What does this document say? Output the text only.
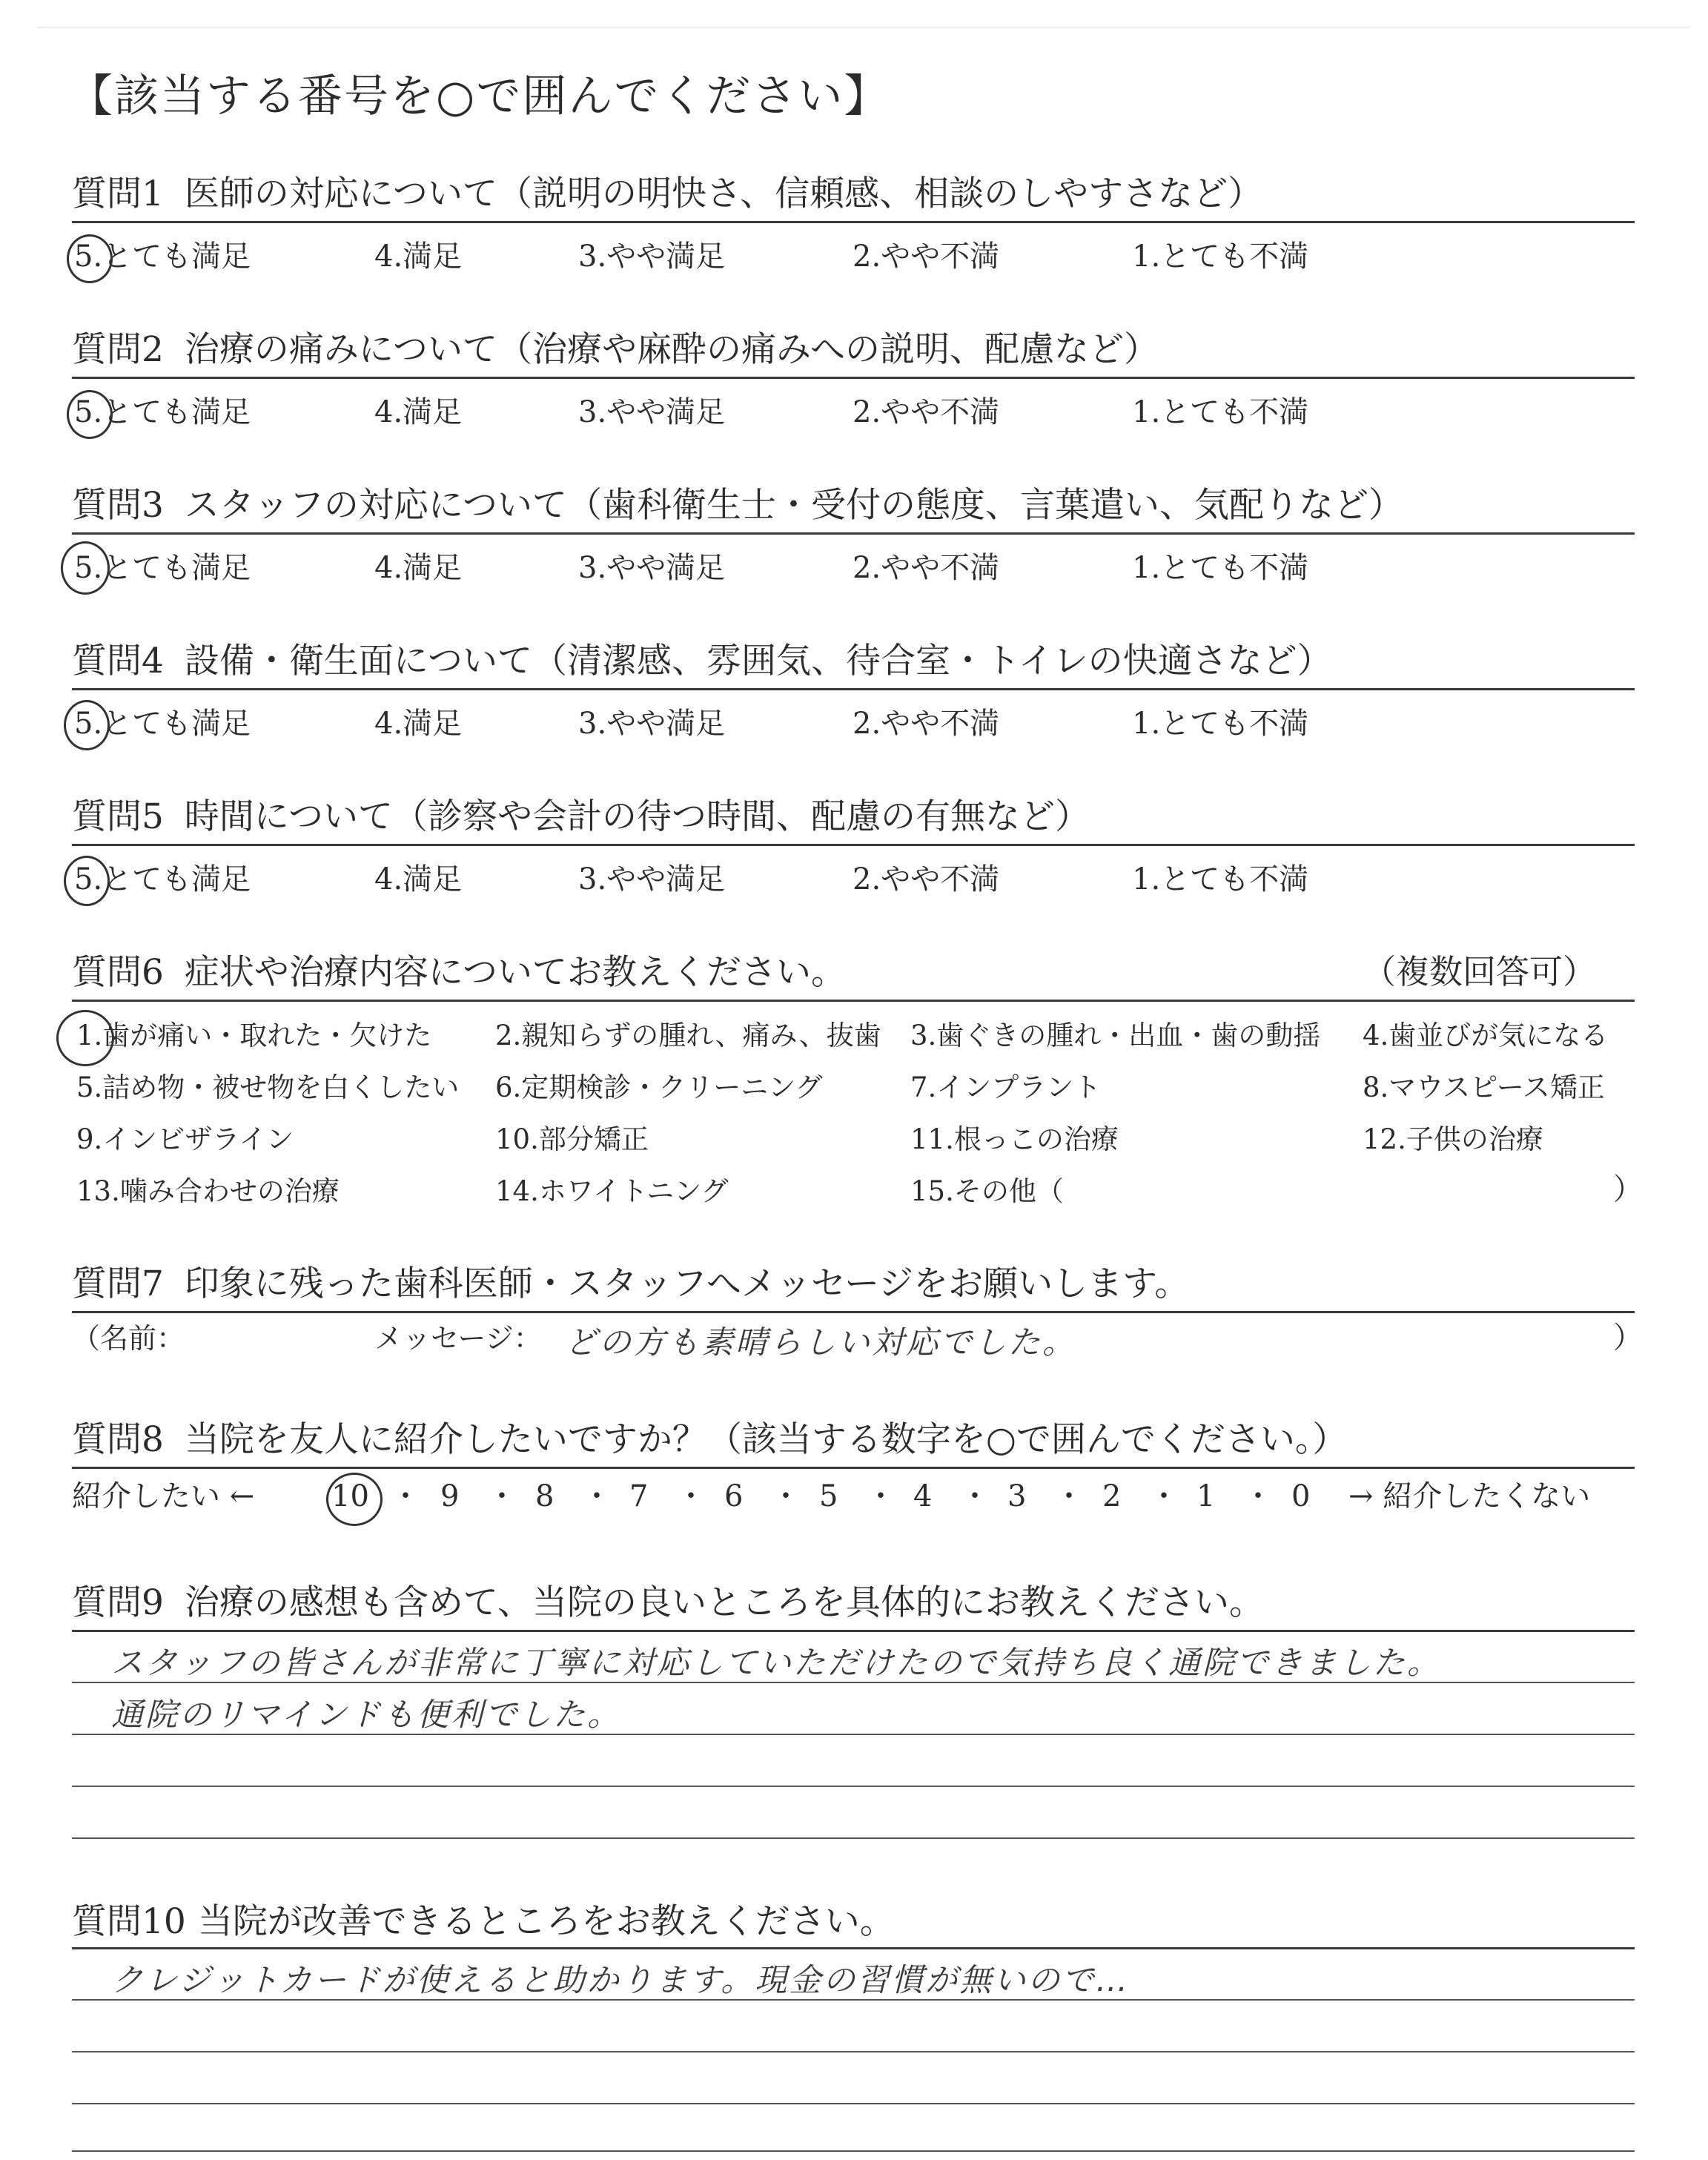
【該当する番号を○で囲んでください】
質問1 医師の対応について（説明の明快さ、信頼感、相談のしやすさなど）
5.とても満足	4.満足	3.やや満足	2.やや不満	1.とても不満
質問2 治療の痛みについて（治療や麻酔の痛みへの説明、配慮など）
5.とても満足	4.満足	3.やや満足	2.やや不満	1.とても不満
質問3 スタッフの対応について（歯科衛生士・受付の態度、言葉遣い、気配りなど）
5.とても満足	4.満足	3.やや満足	2.やや不満	1.とても不満
質問4 設備・衛生面について（清潔感、雰囲気、待合室・トイレの快適さなど）
5.とても満足	4.満足	3.やや満足	2.やや不満	1.とても不満
質問5 時間について（診察や会計の待つ時間、配慮の有無など）
5.とても満足	4.満足	3.やや満足	2.やや不満	1.とても不満
質問6 症状や治療内容についてお教えください。	（複数回答可）
1.歯が痛い・取れた・欠けた 2.親知らずの腫れ、痛み、抜歯 3.歯ぐきの腫れ・出血・歯の動揺 4.歯並びが気になる
5.詰め物・被せ物を白くしたい 6.定期検診・クリーニング	7.インプラント	8.マウスピース矯正
9.インビザライン	10.部分矯正	11.根っこの治療	12.子供の治療
13.噛み合わせの治療	14.ホワイトニング	15.その他（	）
質問7 印象に残った歯科医師・スタッフへメッセージをお願いします。
（名前：	メッセージ： どの方も素晴らしい対応でした。	）
質問8 当院を友人に紹介したいですか？（該当する数字を○で囲んでください。）
紹介したい ←	10 ・ 9 ・ 8 ・ 7 ・ 6 ・ 5 ・ 4 ・ 3 ・ 2 ・ 1 ・ 0 → 紹介したくない
質問9 治療の感想も含めて、当院の良いところを具体的にお教えください。
スタッフの皆さんが非常に丁寧に対応していただけたので気持ち良く通院できました。
通院のリマインドも便利でした。
質問10 当院が改善できるところをお教えください。
クレジットカードが使えると助かります。現金の習慣が無いので…
